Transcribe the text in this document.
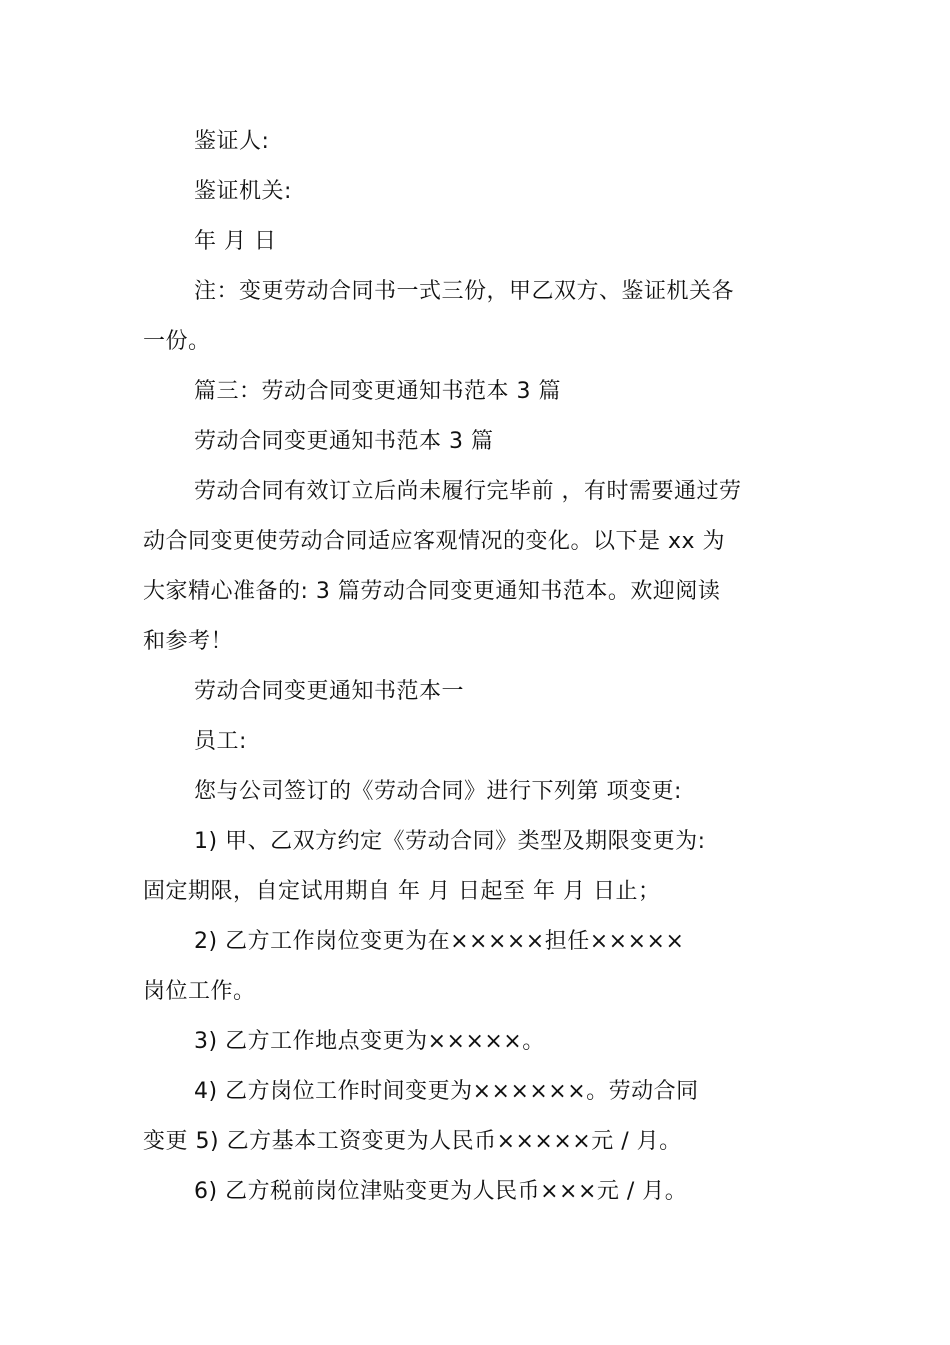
鉴证人:
鉴证机关:
年 月 日
注：变更劳动合同书一式三份，甲乙双方、鉴证机关各
一份。
篇三：劳动合同变更通知书范本 3 篇
劳动合同变更通知书范本 3 篇
劳动合同有效订立后尚未履行完毕前 ，有时需要通过劳
动合同变更使劳动合同适应客观情况的变化。以下是 xx 为
大家精心准备的: 3 篇劳动合同变更通知书范本。欢迎阅读
和参考！
劳动合同变更通知书范本一
员工:
您与公司签订的《劳动合同》进行下列第 项变更:
1) 甲、乙双方约定《劳动合同》类型及期限变更为:
固定期限，自定试用期自 年 月 日起至 年 月 日止；
2) 乙方工作岗位变更为在×××××担任×××××
岗位工作。
3) 乙方工作地点变更为×××××。
4) 乙方岗位工作时间变更为××××××。劳动合同
变更 5) 乙方基本工资变更为人民币×××××元 / 月。
6) 乙方税前岗位津贴变更为人民币×××元 / 月。
